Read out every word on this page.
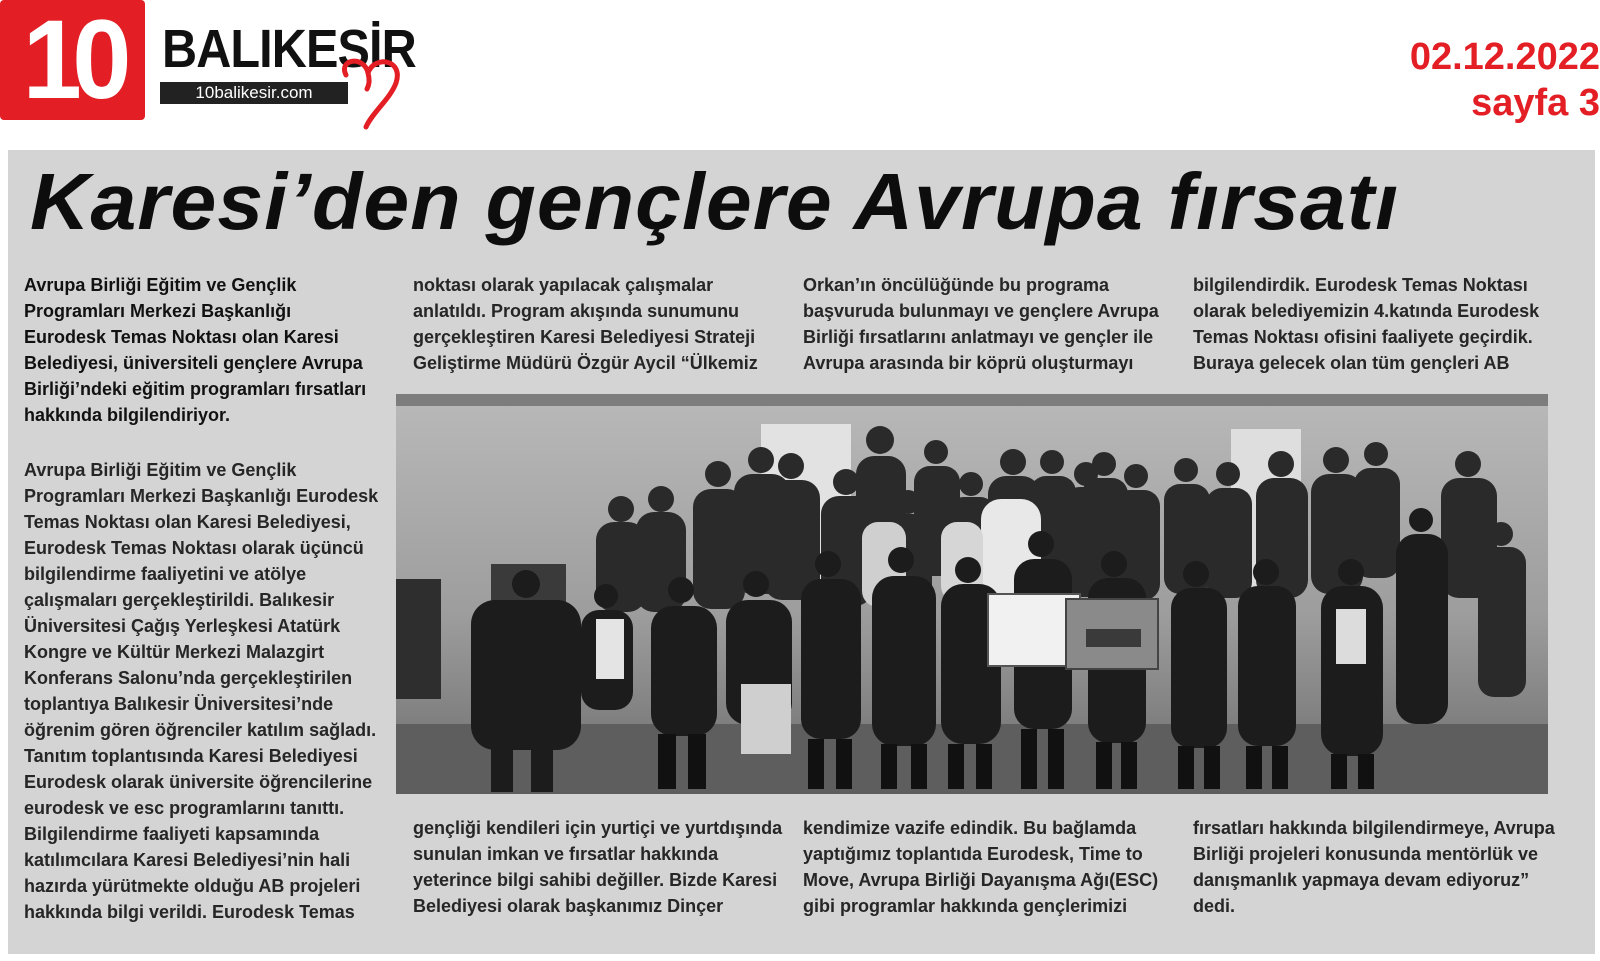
10 BALIKESİR
10balikesir.com
02.12.2022
sayfa 3
Karesi’den gençlere Avrupa fırsatı

Avrupa Birliği Eğitim ve Gençlik Programları Merkezi Başkanlığı Eurodesk Temas Noktası olan Karesi Belediyesi, üniversiteli gençlere Avrupa Birliği’ndeki eğitim programları fırsatları hakkında bilgilendiriyor.

Avrupa Birliği Eğitim ve Gençlik Programları Merkezi Başkanlığı Eurodesk Temas Noktası olan Karesi Belediyesi, Eurodesk Temas Noktası olarak üçüncü bilgilendirme faaliyetini ve atölye çalışmaları gerçekleştirildi. Balıkesir Üniversitesi Çağış Yerleşkesi Atatürk Kongre ve Kültür Merkezi Malazgirt Konferans Salonu’nda gerçekleştirilen toplantıya Balıkesir Üniversitesi’nde öğrenim gören öğrenciler katılım sağladı. Tanıtım toplantısında Karesi Belediyesi Eurodesk olarak üniversite öğrencilerine eurodesk ve esc programlarını tanıttı. Bilgilendirme faaliyeti kapsamında katılımcılara Karesi Belediyesi’nin hali hazırda yürütmekte olduğu AB projeleri hakkında bilgi verildi. Eurodesk Temas

noktası olarak yapılacak çalışmalar anlatıldı. Program akışında sunumunu gerçekleştiren Karesi Belediyesi Strateji Geliştirme Müdürü Özgür Aycil “Ülkemiz

Orkan’ın öncülüğünde bu programa başvuruda bulunmayı ve gençlere Avrupa Birliği fırsatlarını anlatmayı ve gençler ile Avrupa arasında bir köprü oluşturmayı

bilgilendirdik. Eurodesk Temas Noktası olarak belediyemizin 4.katında Eurodesk Temas Noktası ofisini faaliyete geçirdik. Buraya gelecek olan tüm gençleri AB

gençliği kendileri için yurtiçi ve yurtdışında sunulan imkan ve fırsatlar hakkında yeterince bilgi sahibi değiller. Bizde Karesi Belediyesi olarak başkanımız Dinçer

kendimize vazife edindik. Bu bağlamda yaptığımız toplantıda Eurodesk, Time to Move, Avrupa Birliği Dayanışma Ağı(ESC) gibi programlar hakkında gençlerimizi

fırsatları hakkında bilgilendirmeye, Avrupa Birliği projeleri konusunda mentörlük ve danışmanlık yapmaya devam ediyoruz” dedi.
